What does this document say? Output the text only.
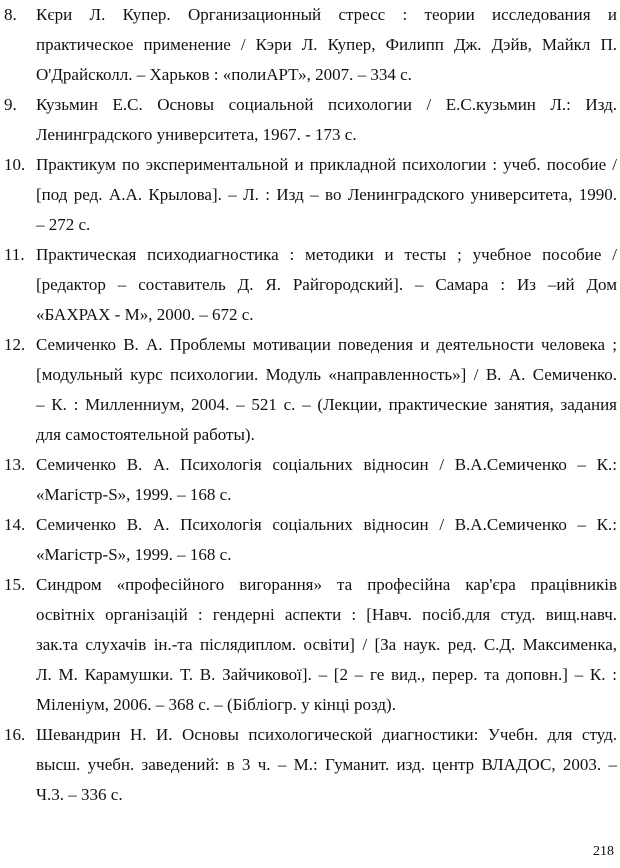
8. Кєри Л. Купер. Организационный стресс : теории исследования и
практическое применение / Кэри Л. Купер, Филипп Дж. Дэйв, Майкл П.
О'Драйсколл. – Харьков : «полиАРТ», 2007. – 334 с.
9. Кузьмин Е.С. Основы социальной психологии / Е.С.кузьмин Л.: Изд.
Ленинградского университета, 1967. - 173 с.
10. Практикум по экспериментальной и прикладной психологии : учеб. пособие /
[под ред. А.А. Крылова]. – Л. : Изд – во Ленинградского университета, 1990.
– 272 с.
11. Практическая психодиагностика : методики и тесты ; учебное пособие /
[редактор – составитель Д. Я. Райгородский]. – Самара : Из –ий Дом
«БАХРАХ - М», 2000. – 672 с.
12. Семиченко В. А. Проблемы мотивации поведения и деятельности человека ;
[модульный курс психологии. Модуль «направленность»] / В. А. Семиченко.
– К. : Милленниум, 2004. – 521 с. – (Лекции, практические занятия, задания
для самостоятельной работы).
13. Семиченко В. А. Психологія соціальних відносин / В.А.Семиченко – К.:
«Магістр-S», 1999. – 168 с.
14. Семиченко В. А. Психологія соціальних відносин / В.А.Семиченко – К.:
«Магістр-S», 1999. – 168 с.
15. Синдром «професійного вигорання» та професійна кар'єра працівників
освітніх організацій : гендерні аспекти : [Навч. посіб.для студ. вищ.навч.
зак.та слухачів ін.-та післядиплом. освіти] / [За наук. ред. С.Д. Максименка,
Л. М. Карамушки. Т. В. Зайчикової]. – [2 – ге вид., перер. та доповн.] – К. :
Міленіум, 2006. – 368 с. – (Бібліогр. у кінці розд).
16. Шевандрин Н. И. Основы психологической диагностики: Учебн. для студ.
высш. учебн. заведений: в 3 ч. – М.: Гуманит. изд. центр ВЛАДОС, 2003. –
Ч.3. – 336 с.
218
